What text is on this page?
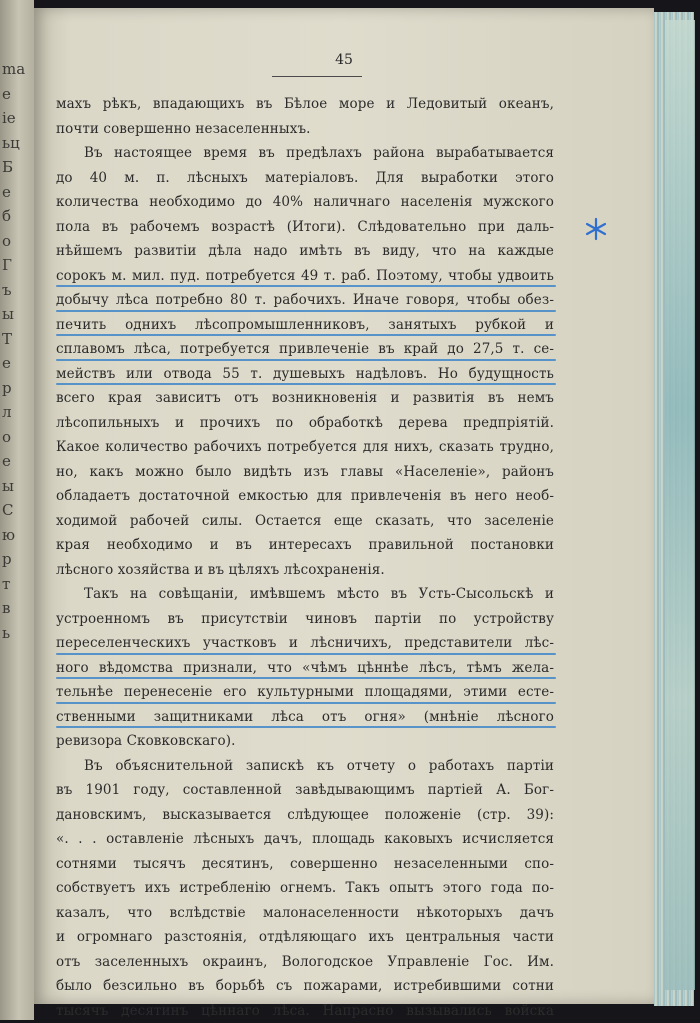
ma
e
ie
ьц
Б
e
б
o
Г
ъ
ы
Т
е
р
л
о
е
ы
C
ю
р
т
в
ь
45
махъ рѣкъ, впадающихъ въ Бѣлое море и Ледовитый океанъ,
почти совершенно незаселенныхъ.
Въ настоящее время въ предѣлахъ района вырабатывается
до 40 м. п. лѣсныхъ матеріаловъ. Для выработки этого
количества необходимо до 40% наличнаго населенія мужского
пола въ рабочемъ возрастѣ (Итоги). Слѣдовательно при даль-
нѣйшемъ развитіи дѣла надо имѣть въ виду, что на каждые
сорокъ м. мил. пуд. потребуется 49 т. раб. Поэтому, чтобы удвоить
добычу лѣса потребно 80 т. рабочихъ. Иначе говоря, чтобы обез-
печить однихъ лѣсопромышленниковъ, занятыхъ рубкой и
сплавомъ лѣса, потребуется привлеченіе въ край до 27,5 т. се-
мействъ или отвода 55 т. душевыхъ надѣловъ. Но будущность
всего края зависитъ отъ возникновенія и развитія въ немъ
лѣсопильныхъ и прочихъ по обработкѣ дерева предпріятій.
Какое количество рабочихъ потребуется для нихъ, сказать трудно,
но, какъ можно было видѣть изъ главы «Населеніе», районъ
обладаетъ достаточной емкостью для привлеченія въ него необ-
ходимой рабочей силы. Остается еще сказать, что заселеніе
края необходимо и въ интересахъ правильной постановки
лѣсного хозяйства и въ цѣляхъ лѣсохраненія.
Такъ на совѣщаніи, имѣвшемъ мѣсто въ Усть-Сысольскѣ и
устроенномъ въ присутствіи чиновъ партіи по устройству
переселенческихъ участковъ и лѣсничихъ, представители лѣс-
ного вѣдомства признали, что «чѣмъ цѣннѣе лѣсъ, тѣмъ жела-
тельнѣе перенесеніе его культурными площадями, этими есте-
ственными защитниками лѣса отъ огня» (мнѣніе лѣсного
ревизора Сковковскаго).
Въ объяснительной запискѣ къ отчету о работахъ партіи
въ 1901 году, составленной завѣдывающимъ партіей А. Бог-
дановскимъ, высказывается слѣдующее положеніе (стр. 39):
«. . . оставленіе лѣсныхъ дачъ, площадь каковыхъ исчисляется
сотнями тысячъ десятинъ, совершенно незаселенными спо-
собствуетъ ихъ истребленію огнемъ. Такъ опытъ этого года по-
казалъ, что вслѣдствіе малонаселенности нѣкоторыхъ дачъ
и огромнаго разстоянія, отдѣляющаго ихъ центральныя части
отъ заселенныхъ окраинъ, Вологодское Управленіе Гос. Им.
было безсильно въ борьбѣ съ пожарами, истребившими сотни
тысячъ десятинъ цѣннаго лѣса. Напрасно вызывались войска
